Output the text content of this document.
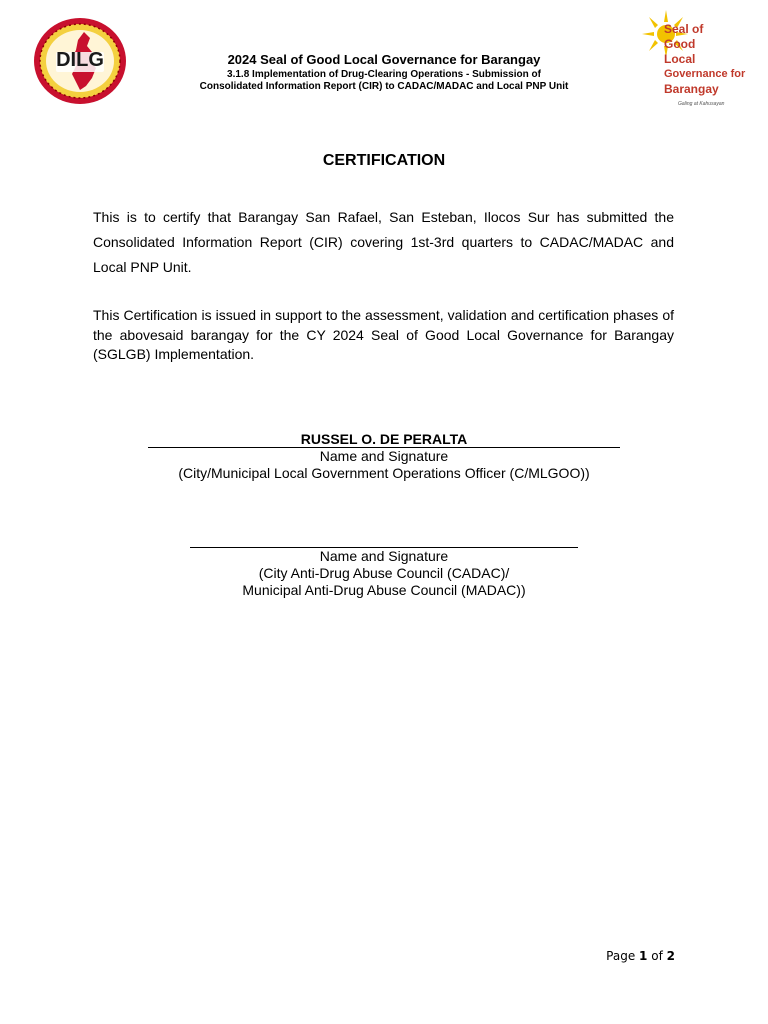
DILG	2024 Seal of Good Local Governance for Barangay
3.1.8 Implementation of Drug-Clearing Operations - Submission of
Consolidated Information Report (CIR) to CADAC/MADAC and Local PNP Unit
Seal of
Good
Local
Governance for
Barangay
Galing at Kahusayan
CERTIFICATION
This is to certify that Barangay San Rafael, San Esteban, Ilocos Sur has submitted the Consolidated Information Report (CIR) covering 1st-3rd quarters to CADAC/MADAC and Local PNP Unit.
This Certification is issued in support to the assessment, validation and certification phases of the abovesaid barangay for the CY 2024 Seal of Good Local Governance for Barangay (SGLGB) Implementation.
RUSSEL O. DE PERALTA
Name and Signature
(City/Municipal Local Government Operations Officer (C/MLGOO))
Name and Signature
(City Anti-Drug Abuse Council (CADAC)/
Municipal Anti-Drug Abuse Council (MADAC))
Page 1 of 2
